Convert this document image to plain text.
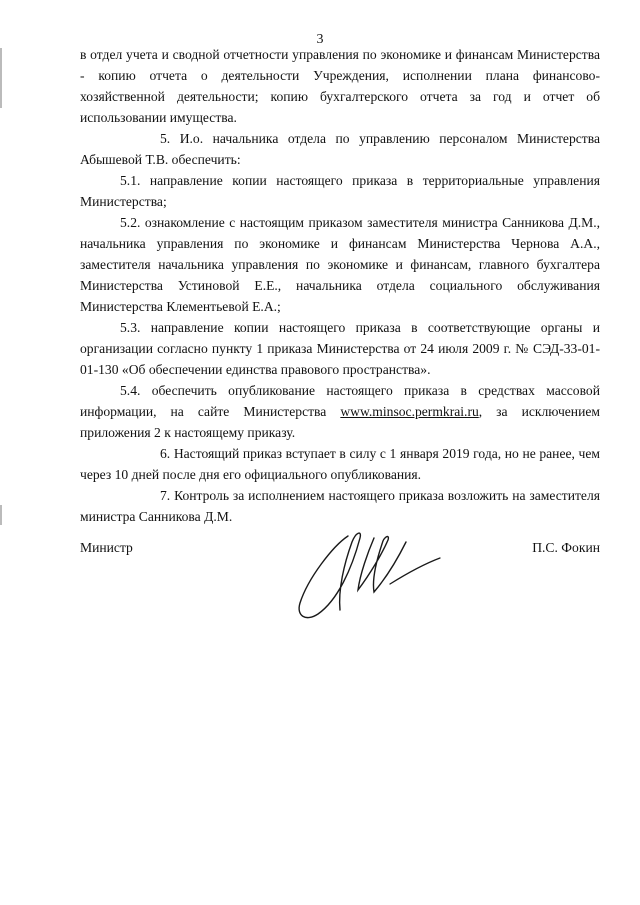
3

в отдел учета и сводной отчетности управления по экономике и финансам Министерства - копию отчета о деятельности Учреждения, исполнении плана финансово-хозяйственной деятельности; копию бухгалтерского отчета за год и отчет об использовании имущества.

5. И.о. начальника отдела по управлению персоналом Министерства Абышевой Т.В. обеспечить:

5.1. направление копии настоящего приказа в территориальные управления Министерства;

5.2. ознакомление с настоящим приказом заместителя министра Санникова Д.М., начальника управления по экономике и финансам Министерства Чернова А.А., заместителя начальника управления по экономике и финансам, главного бухгалтера Министерства Устиновой Е.Е., начальника отдела социального обслуживания Министерства Клементьевой Е.А.;

5.3. направление копии настоящего приказа в соответствующие органы и организации согласно пункту 1 приказа Министерства от 24 июля 2009 г. № СЭД-33-01-01-130 «Об обеспечении единства правового пространства».

5.4. обеспечить опубликование настоящего приказа в средствах массовой информации, на сайте Министерства www.minsoc.permkrai.ru, за исключением приложения 2 к настоящему приказу.

6. Настоящий приказ вступает в силу с 1 января 2019 года, но не ранее, чем через 10 дней после дня его официального опубликования.

7. Контроль за исполнением настоящего приказа возложить на заместителя министра Санникова Д.М.

Министр	П.С. Фокин
